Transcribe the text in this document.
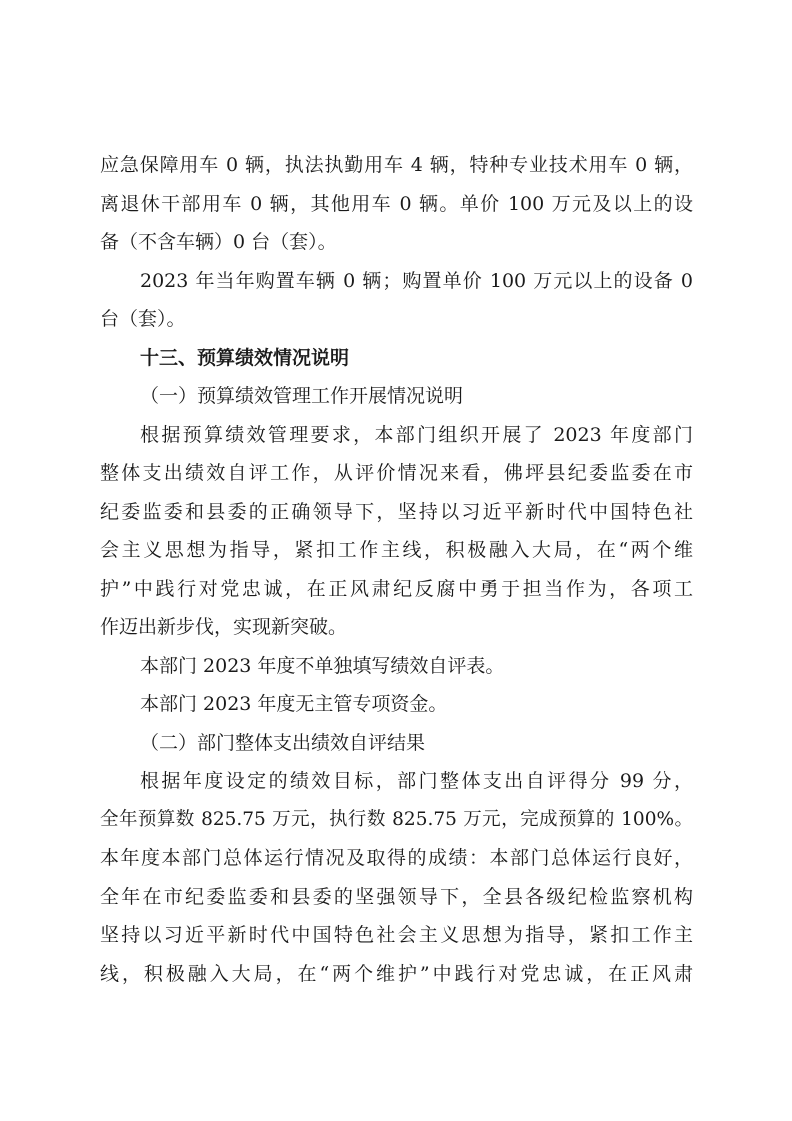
应急保障用车 0 辆，执法执勤用车 4 辆，特种专业技术用车 0 辆，
离退休干部用车 0 辆，其他用车 0 辆。单价 100 万元及以上的设
备（不含车辆）0 台（套）。
2023 年当年购置车辆 0 辆；购置单价 100 万元以上的设备 0
台（套）。
十三、预算绩效情况说明
（一）预算绩效管理工作开展情况说明
根据预算绩效管理要求，本部门组织开展了 2023 年度部门
整体支出绩效自评工作，从评价情况来看，佛坪县纪委监委在市
纪委监委和县委的正确领导下，坚持以习近平新时代中国特色社
会主义思想为指导，紧扣工作主线，积极融入大局，在“两个维
护”中践行对党忠诚，在正风肃纪反腐中勇于担当作为，各项工
作迈出新步伐，实现新突破。
本部门 2023 年度不单独填写绩效自评表。
本部门 2023 年度无主管专项资金。
（二）部门整体支出绩效自评结果
根据年度设定的绩效目标，部门整体支出自评得分 99 分，
全年预算数 825.75 万元，执行数 825.75 万元，完成预算的 100%。
本年度本部门总体运行情况及取得的成绩：本部门总体运行良好，
全年在市纪委监委和县委的坚强领导下，全县各级纪检监察机构
坚持以习近平新时代中国特色社会主义思想为指导，紧扣工作主
线，积极融入大局，在“两个维护”中践行对党忠诚，在正风肃
